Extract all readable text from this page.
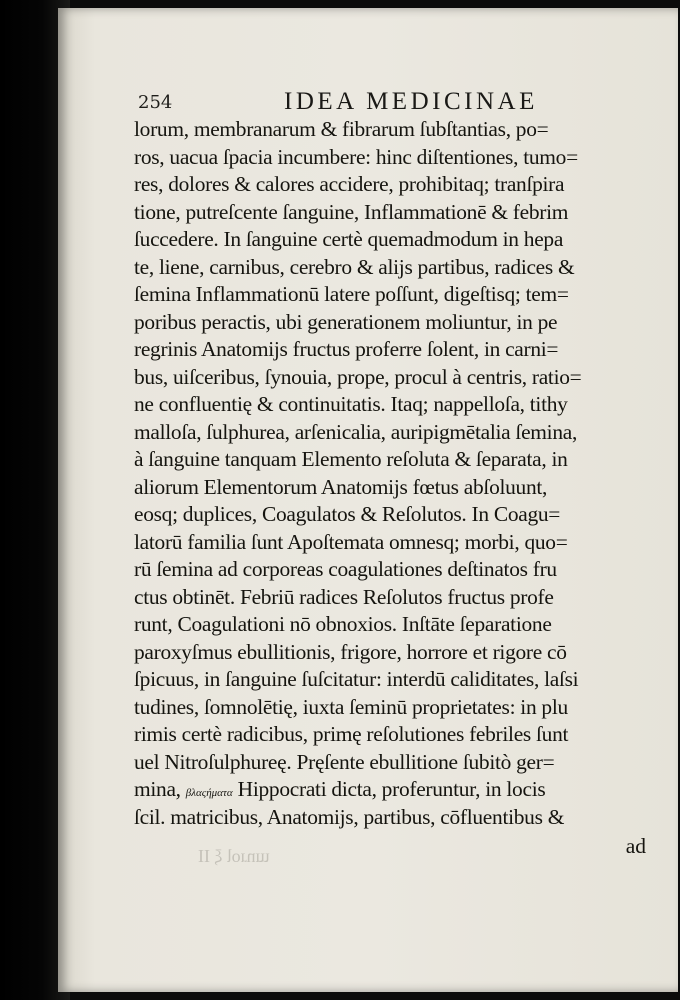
254	IDEA MEDICINAE
lorum, membranarum & fibrarum ſubſtantias, po=
ros, uacua ſpacia incumbere: hinc diſtentiones, tumo=
res, dolores & calores accidere, prohibitaq; tranſpira
tione, putreſcente ſanguine, Inflammationē & febrim
ſuccedere. In ſanguine certè quemadmodum in hepa
te, liene, carnibus, cerebro & alijs partibus, radices &
ſemina Inflammationū latere poſſunt, digeſtisq; tem=
poribus peractis, ubi generationem moliuntur, in pe
regrinis Anatomijs fructus proferre ſolent, in carni=
bus, uiſceribus, ſynouia, prope, procul à centris, ratio=
ne confluentię & continuitatis. Itaq; nappelloſa, tithy
malloſa, ſulphurea, arſenicalia, auripigmētalia ſemina,
à ſanguine tanquam Elemento reſoluta & ſeparata, in
aliorum Elementorum Anatomijs fœtus abſoluunt,
eosq; duplices, Coagulatos & Reſolutos. In Coagu=
latorū familia ſunt Apoſtemata omnesq; morbi, quo=
rū ſemina ad corporeas coagulationes deſtinatos fru
ctus obtinēt. Febriū radices Reſolutos fructus profe
runt, Coagulationi nō obnoxios. Inſtāte ſeparatione
paroxyſmus ebullitionis, frigore, horrore et rigore cō
ſpicuus, in ſanguine ſuſcitatur: interdū caliditates, laſsi
tudines, ſomnolētię, iuxta ſeminū proprietates: in plu
rimis certè radicibus, primę reſolutiones febriles ſunt
uel Nitroſulphureę. Pręſente ebullitione ſubitò ger=
mina, βλαςήματα Hippocrati dicta, proferuntur, in locis
ſcil. matricibus, Anatomijs, partibus, cōfluentibus &
ɯnɹoƖ ξ II	ad
